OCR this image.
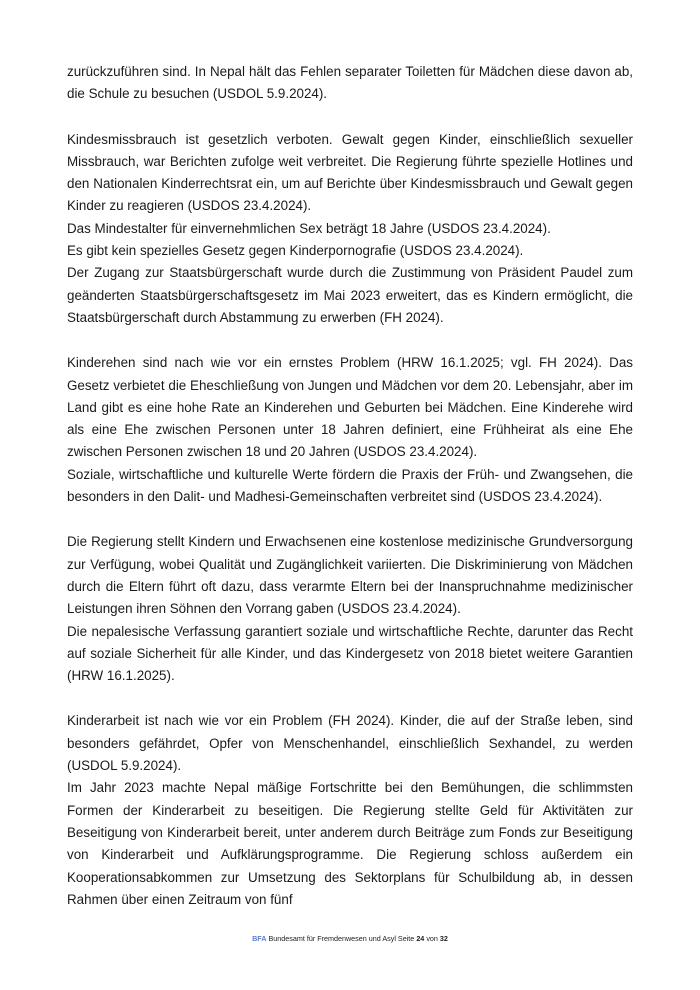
zurückzuführen sind. In Nepal hält das Fehlen separater Toiletten für Mädchen diese davon ab, die Schule zu besuchen (USDOL 5.9.2024).

Kindesmissbrauch ist gesetzlich verboten. Gewalt gegen Kinder, einschließlich sexueller Missbrauch, war Berichten zufolge weit verbreitet. Die Regierung führte spezielle Hotlines und den Nationalen Kinderrechtsrat ein, um auf Berichte über Kindesmissbrauch und Gewalt gegen Kinder zu reagieren (USDOS 23.4.2024).

Das Mindestalter für einvernehmlichen Sex beträgt 18 Jahre (USDOS 23.4.2024).

Es gibt kein spezielles Gesetz gegen Kinderpornografie (USDOS 23.4.2024).

Der Zugang zur Staatsbürgerschaft wurde durch die Zustimmung von Präsident Paudel zum geänderten Staatsbürgerschaftsgesetz im Mai 2023 erweitert, das es Kindern ermöglicht, die Staatsbürgerschaft durch Abstammung zu erwerben (FH 2024).

Kinderehen sind nach wie vor ein ernstes Problem (HRW 16.1.2025; vgl. FH 2024). Das Gesetz verbietet die Eheschließung von Jungen und Mädchen vor dem 20. Lebensjahr, aber im Land gibt es eine hohe Rate an Kinderehen und Geburten bei Mädchen. Eine Kinderehe wird als eine Ehe zwischen Personen unter 18 Jahren definiert, eine Frühheirat als eine Ehe zwischen Personen zwischen 18 und 20 Jahren (USDOS 23.4.2024).

Soziale, wirtschaftliche und kulturelle Werte fördern die Praxis der Früh- und Zwangsehen, die besonders in den Dalit- und Madhesi-Gemeinschaften verbreitet sind (USDOS 23.4.2024).

Die Regierung stellt Kindern und Erwachsenen eine kostenlose medizinische Grundversorgung zur Verfügung, wobei Qualität und Zugänglichkeit variierten. Die Diskriminierung von Mädchen durch die Eltern führt oft dazu, dass verarmte Eltern bei der Inanspruchnahme medizinischer Leistungen ihren Söhnen den Vorrang gaben (USDOS 23.4.2024).

Die nepalesische Verfassung garantiert soziale und wirtschaftliche Rechte, darunter das Recht auf soziale Sicherheit für alle Kinder, und das Kindergesetz von 2018 bietet weitere Garantien (HRW 16.1.2025).

Kinderarbeit ist nach wie vor ein Problem (FH 2024). Kinder, die auf der Straße leben, sind besonders gefährdet, Opfer von Menschenhandel, einschließlich Sexhandel, zu werden (USDOL 5.9.2024).

Im Jahr 2023 machte Nepal mäßige Fortschritte bei den Bemühungen, die schlimmsten Formen der Kinderarbeit zu beseitigen. Die Regierung stellte Geld für Aktivitäten zur Beseitigung von Kinderarbeit bereit, unter anderem durch Beiträge zum Fonds zur Beseitigung von Kinderarbeit und Aufklärungsprogramme. Die Regierung schloss außerdem ein Kooperationsabkommen zur Umsetzung des Sektorplans für Schulbildung ab, in dessen Rahmen über einen Zeitraum von fünf

BFA Bundesamt für Fremdenwesen und Asyl Seite 24 von 32
